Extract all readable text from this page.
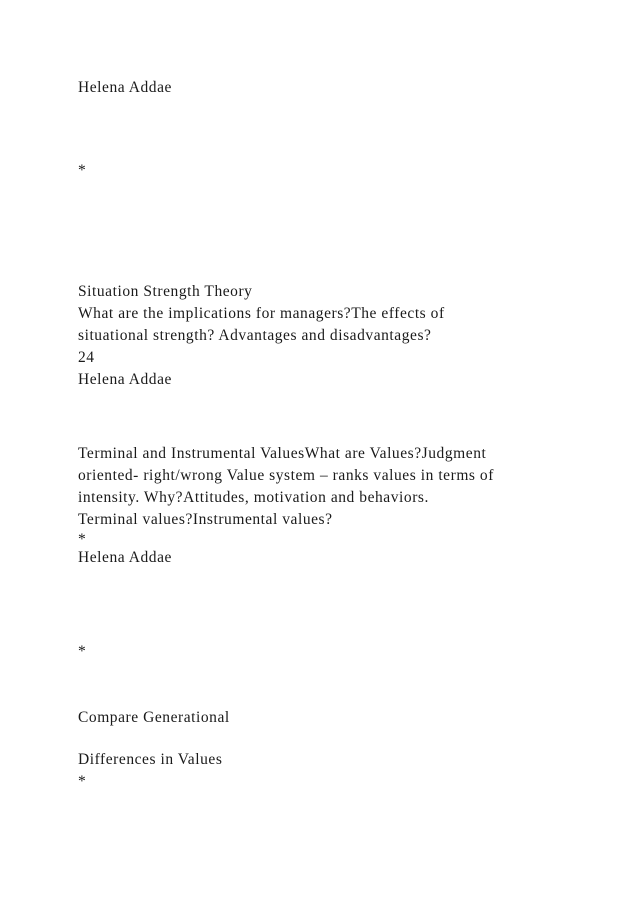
Helena Addae
*
Situation Strength Theory
What are the implications for managers?The effects of
situational strength? Advantages and disadvantages?
24
Helena Addae
Terminal and Instrumental ValuesWhat are Values?Judgment
oriented- right/wrong Value system – ranks values in terms of
intensity. Why?Attitudes, motivation and behaviors.
Terminal values?Instrumental values?
*
Helena Addae
*
Compare Generational
Differences in Values
*
